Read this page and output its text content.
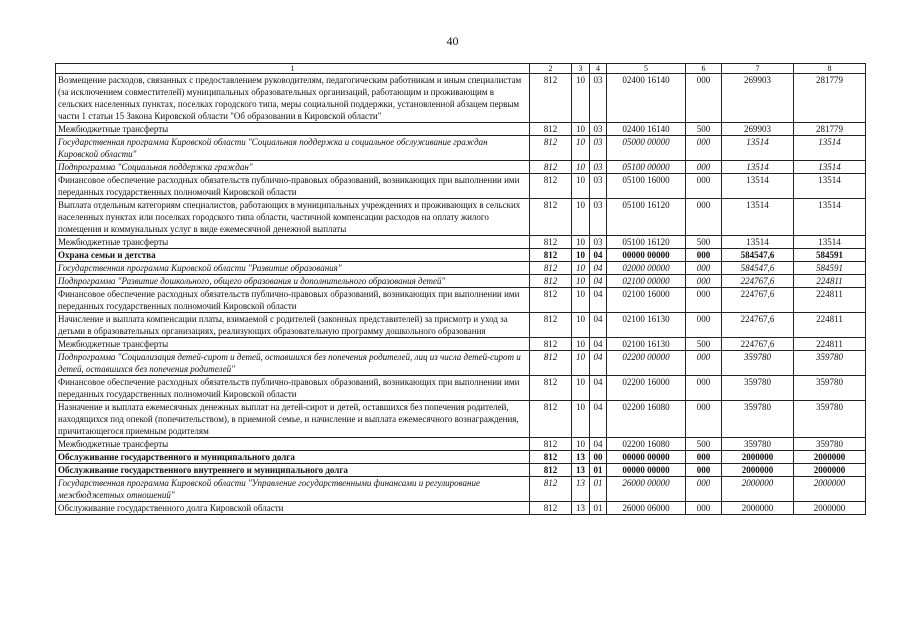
40
1	2	3	4	5	6	7	8
Возмещение расходов, связанных с предоставлением руководителям, педагогическим работникам и иным специалистам (за исключением совместителей) муниципальных образовательных организаций, работающим и проживающим в сельских населенных пунктах, поселках городского типа, меры социальной поддержки, установленной абзацем первым части 1 статьи 15 Закона Кировской области "Об образовании в Кировской области"	812	10	03	02400 16140	000	269903	281779
Межбюджетные трансферты	812	10	03	02400 16140	500	269903	281779
Государственная программа Кировской области "Социальная поддержка и социальное обслуживание граждан Кировской области"	812	10	03	05000 00000	000	13514	13514
Подпрограмма "Социальная поддержка граждан"	812	10	03	05100 00000	000	13514	13514
Финансовое обеспечение расходных обязательств публично-правовых образований, возникающих при выполнении ими переданных государственных полномочий Кировской области	812	10	03	05100 16000	000	13514	13514
Выплата отдельным категориям специалистов, работающих в муниципальных учреждениях и проживающих в сельских населенных пунктах или поселках городского типа области, частичной компенсации расходов на оплату жилого помещения и коммунальных услуг в виде ежемесячной денежной выплаты	812	10	03	05100 16120	000	13514	13514
Межбюджетные трансферты	812	10	03	05100 16120	500	13514	13514
Охрана семьи и детства	812	10	04	00000 00000	000	584547,6	584591
Государственная программа Кировской области "Развитие образования"	812	10	04	02000 00000	000	584547,6	584591
Подпрограмма "Развитие дошкольного, общего образования и дополнительного образования детей"	812	10	04	02100 00000	000	224767,6	224811
Финансовое обеспечение расходных обязательств публично-правовых образований, возникающих при выполнении ими переданных государственных полномочий Кировской области	812	10	04	02100 16000	000	224767,6	224811
Начисление и выплата компенсации платы, взимаемой с родителей (законных представителей) за присмотр и уход за детьми в образовательных организациях, реализующих образовательную программу дошкольного образования	812	10	04	02100 16130	000	224767,6	224811
Межбюджетные трансферты	812	10	04	02100 16130	500	224767,6	224811
Подпрограмма "Социализация детей-сирот и детей, оставшихся без попечения родителей, лиц из числа детей-сирот и детей, оставшихся без попечения родителей"	812	10	04	02200 00000	000	359780	359780
Финансовое обеспечение расходных обязательств публично-правовых образований, возникающих при выполнении ими переданных государственных полномочий Кировской области	812	10	04	02200 16000	000	359780	359780
Назначение и выплата ежемесячных денежных выплат на детей-сирот и детей, оставшихся без попечения родителей, находящихся под опекой (попечительством), в приемной семье, и начисление и выплата ежемесячного вознаграждения, причитающегося приемным родителям	812	10	04	02200 16080	000	359780	359780
Межбюджетные трансферты	812	10	04	02200 16080	500	359780	359780
Обслуживание государственного и муниципального долга	812	13	00	00000 00000	000	2000000	2000000
Обслуживание государственного внутреннего и муниципального долга	812	13	01	00000 00000	000	2000000	2000000
Государственная программа Кировской области "Управление государственными финансами и регулирование межбюджетных отношений"	812	13	01	26000 00000	000	2000000	2000000
Обслуживание государственного долга Кировской области	812	13	01	26000 06000	000	2000000	2000000
